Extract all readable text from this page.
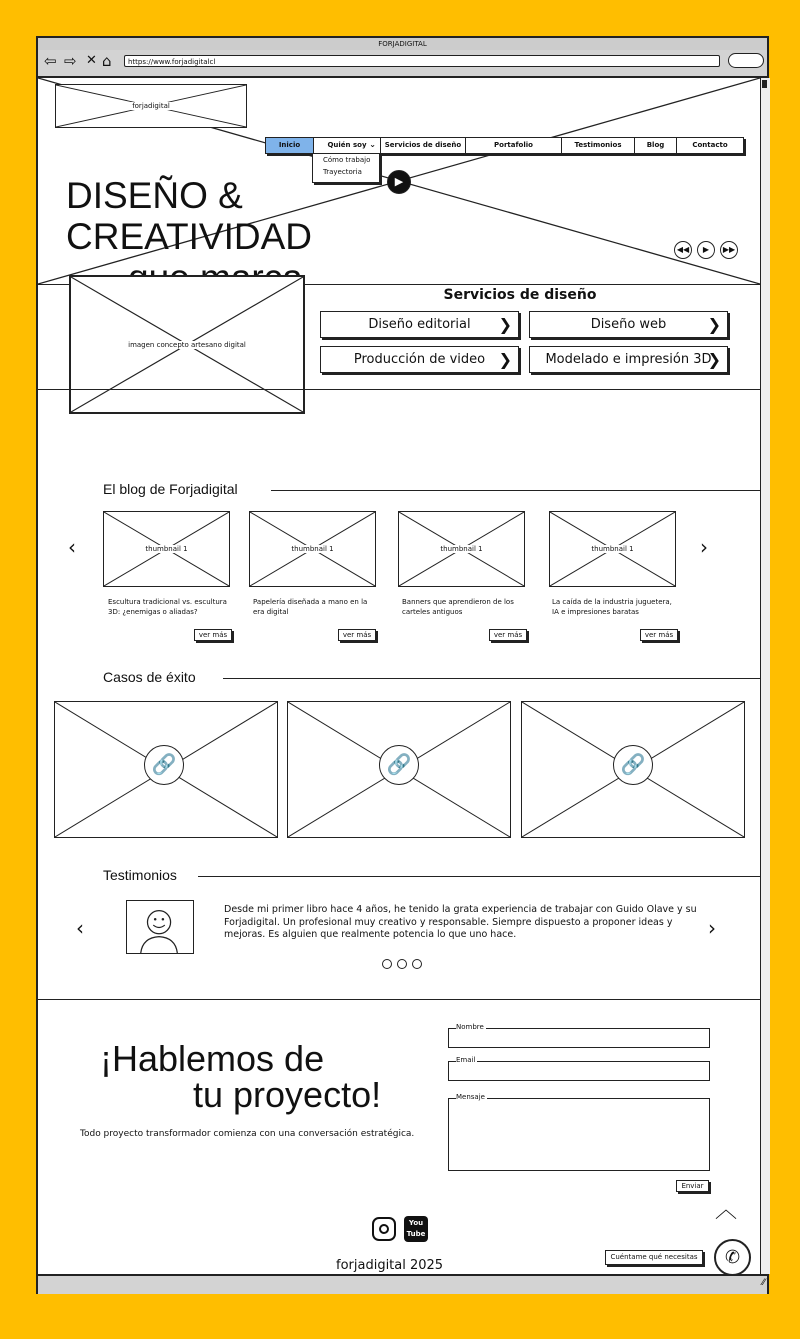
FORJADIGITAL
⇦ ⇨ ✕ ⌂	https://www.forjadigitalcl
forjadigital
Inicio	Quién soy ⌄	Servicios de diseño	Portafolio	Testimonios	Blog	Contacto
Cómo trabajo
Trayectoria
DISEÑO &
CREATIVIDAD
▶
◀◀	▶	▶▶
imagen concepto artesano digital
Servicios de diseño
Diseño editorial ❯	Diseño web	❯
Producción de video ❯	Modelado e impresión 3D
❯
El blog de Forjadigital
‹	›
thumbnail 1	thumbnail 1	thumbnail 1	thumbnail 1
Escultura tradicional vs. escultura 3D: ¿enemigas o aliadas?
Papelería diseñada a mano en la era digital
Banners que aprendieron de los carteles antiguos
La caída de la industria juguetera, IA e impresiones baratas
ver más	ver más	ver más	ver más
Casos de éxito
🔗	🔗	🔗
Testimonios
‹	›
Desde mi primer libro hace 4 años, he tenido la grata experiencia de trabajar con Guido Olave y su Forjadigital. Un profesional muy creativo y responsable. Siempre dispuesto a proponer ideas y mejoras. Es alguien que realmente potencia lo que uno hace.
¡Hablemos de
tu proyecto!
Todo proyecto transformador comienza con una conversación estratégica.
Nombre
Email
Mensaje
Enviar
︿
You
Tube
forjadigital 2025
Cuéntame qué necesitas	✆
⁄⁄
